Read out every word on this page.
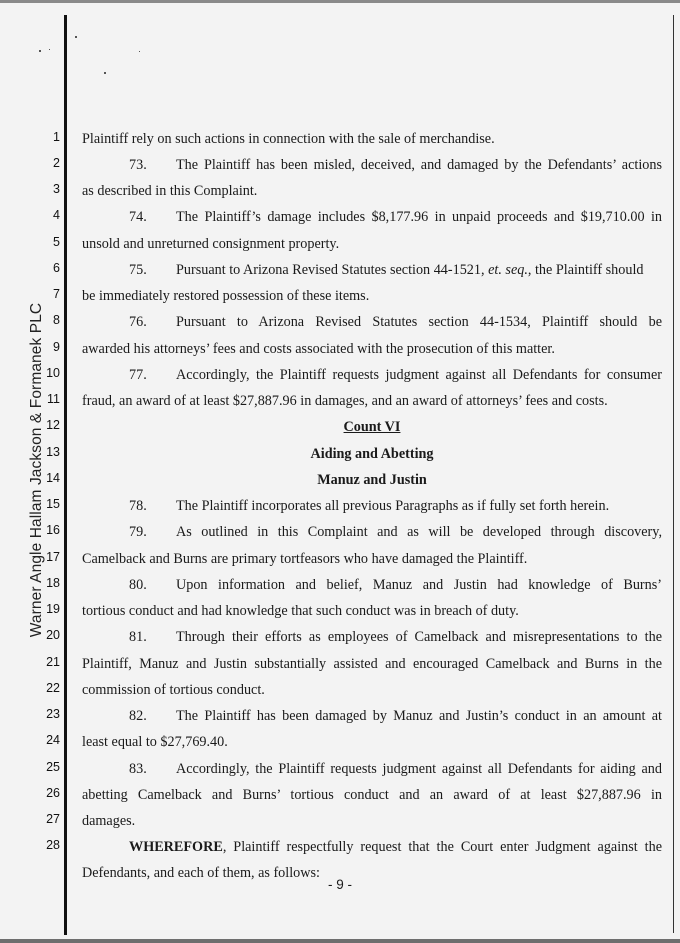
Warner Angle Hallam Jackson & Formanek PLC
1
2
3
4
5
6
7
8
9
10
11
12
13
14
15
16
17
18
19
20
21
22
23
24
25
26
27
28
Plaintiff rely on such actions in connection with the sale of merchandise.
73. The Plaintiff has been misled, deceived, and damaged by the Defendants’ actions
as described in this Complaint.
74. The Plaintiff’s damage includes $8,177.96 in unpaid proceeds and $19,710.00 in
unsold and unreturned consignment property.
75. Pursuant to Arizona Revised Statutes section 44-1521, et. seq., the Plaintiff should
be immediately restored possession of these items.
76. Pursuant to Arizona Revised Statutes section 44-1534, Plaintiff should be
awarded his attorneys’ fees and costs associated with the prosecution of this matter.
77. Accordingly, the Plaintiff requests judgment against all Defendants for consumer
fraud, an award of at least $27,887.96 in damages, and an award of attorneys’ fees and costs.
Count VI
Aiding and Abetting
Manuz and Justin
78. The Plaintiff incorporates all previous Paragraphs as if fully set forth herein.
79. As outlined in this Complaint and as will be developed through discovery,
Camelback and Burns are primary tortfeasors who have damaged the Plaintiff.
80. Upon information and belief, Manuz and Justin had knowledge of Burns’
tortious conduct and had knowledge that such conduct was in breach of duty.
81. Through their efforts as employees of Camelback and misrepresentations to the
Plaintiff, Manuz and Justin substantially assisted and encouraged Camelback and Burns in the
commission of tortious conduct.
82. The Plaintiff has been damaged by Manuz and Justin’s conduct in an amount at
least equal to $27,769.40.
83. Accordingly, the Plaintiff requests judgment against all Defendants for aiding and
abetting Camelback and Burns’ tortious conduct and an award of at least $27,887.96 in
damages.
WHEREFORE, Plaintiff respectfully request that the Court enter Judgment against the
Defendants, and each of them, as follows:
- 9 -
